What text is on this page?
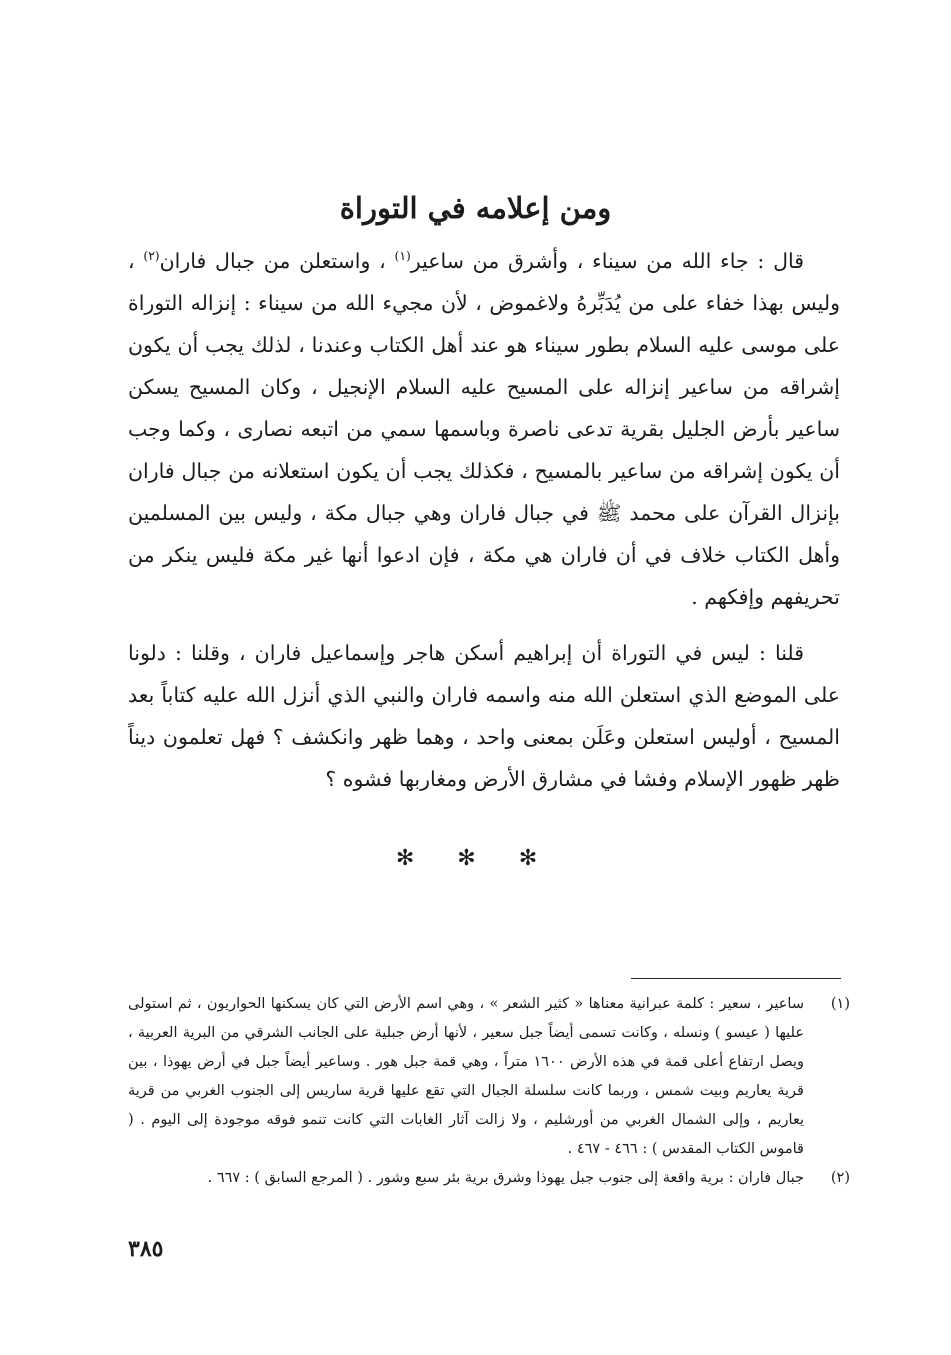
ومن إعلامه في التوراة

قال : جاء الله من سيناء ، وأشرق من ساعير$^{(١)}$ ، واستعلن من جبال فاران$^{(٢)}$ ، وليس بهذا خفاء على من يُدَبِّرهُ ولاغموض ، لأن مجيء الله من سيناء : إنزاله التوراة على موسى عليه السلام بطور سيناء هو عند أهل الكتاب وعندنا ، لذلك يجب أن يكون إشراقه من ساعير إنزاله على المسيح عليه السلام الإنجيل ، وكان المسيح يسكن ساعير بأرض الجليل بقرية تدعى ناصرة وباسمها سمي من اتبعه نصارى ، وكما وجب أن يكون إشراقه من ساعير بالمسيح ، فكذلك يجب أن يكون استعلانه من جبال فاران بإنزال القرآن على محمد ﷺ في جبال فاران وهي جبال مكة ، وليس بين المسلمين وأهل الكتاب خلاف في أن فاران هي مكة ، فإن ادعوا أنها غير مكة فليس ينكر من تحريفهم وإفكهم .

قلنا : ليس في التوراة أن إبراهيم أسكن هاجر وإسماعيل فاران ، وقلنا : دلونا على الموضع الذي استعلن الله منه واسمه فاران والنبي الذي أنزل الله عليه كتاباً بعد المسيح ، أوليس استعلن وعَلَن بمعنى واحد ، وهما ظهر وانكشف ؟ فهل تعلمون ديناً ظهر ظهور الإسلام وفشا في مشارق الأرض ومغاربها فشوه ؟

✻ ✻ ✻
(١)
ساعير ، سعير : كلمة عبرانية معناها « كثير الشعر » ، وهي اسم الأرض التي كان يسكنها الحواريون ، ثم استولى عليها ( عيسو ) ونسله ، وكانت تسمى أيضاً جبل سعير ، لأنها أرض جبلية على الجانب الشرقي من البرية العربية ، ويصل ارتفاع أعلى قمة في هذه الأرض ١٦٠٠ متراً ، وهي قمة جبل هور . وساعير أيضاً جبل في أرض يهوذا ، بين قرية يعاريم وبيت شمس ، وربما كانت سلسلة الجبال التي تقع عليها قرية ساريس إلى الجنوب الغربي من قرية يعاريم ، وإلى الشمال الغربي من أورشليم ، ولا زالت آثار الغابات التي كانت تنمو فوقه موجودة إلى اليوم . ( قاموس الكتاب المقدس ) : ٤٦٦ - ٤٦٧ .
(٢)
جبال فاران : برية واقعة إلى جنوب جبل يهوذا وشرق برية بئر سبع وشور . ( المرجع السابق ) : ٦٦٧ .
٣٨٥
